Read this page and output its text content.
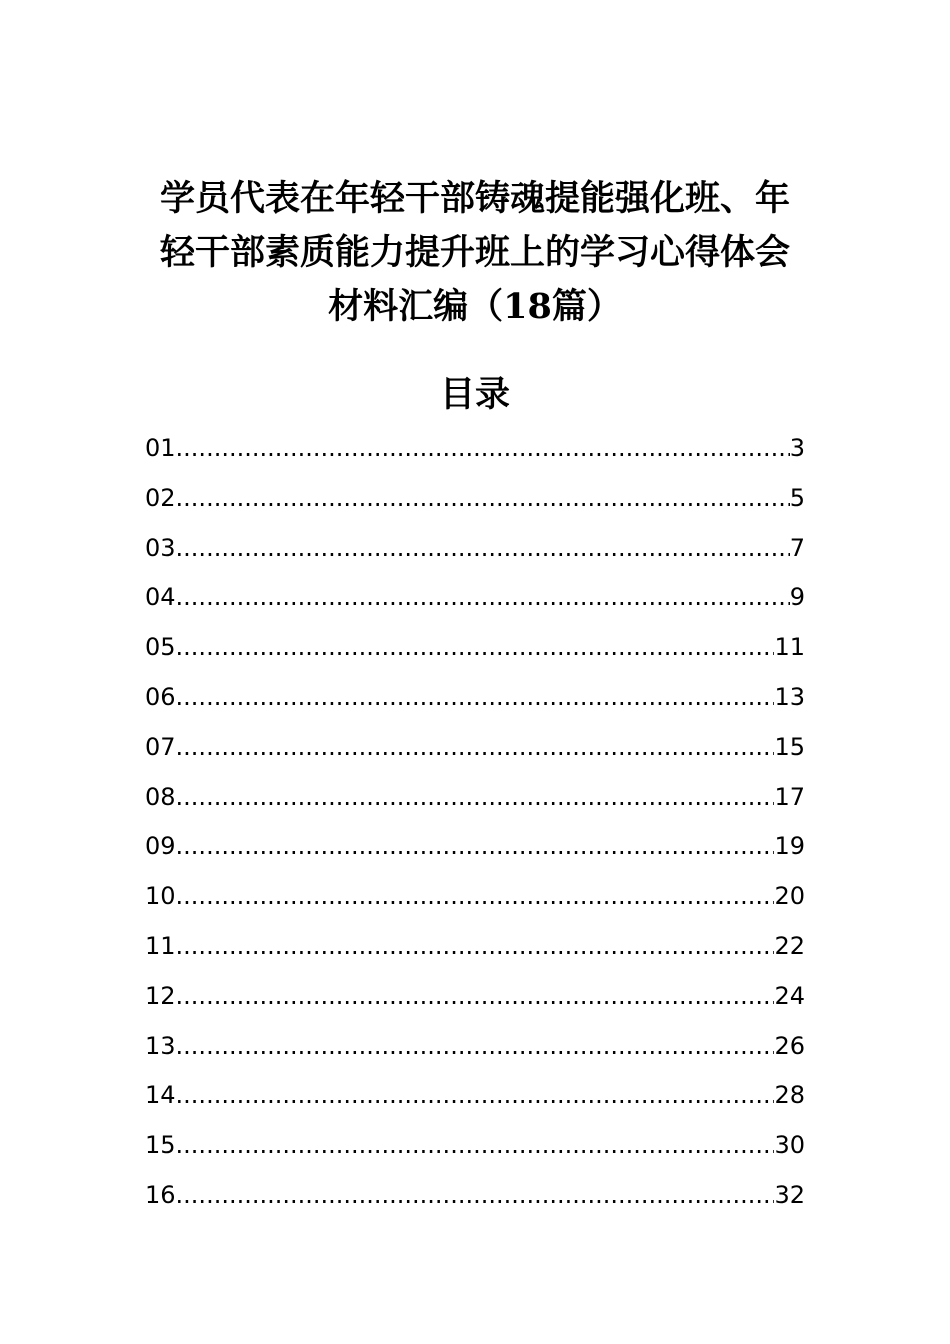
学员代表在年轻干部铸魂提能强化班、年
轻干部素质能力提升班上的学习心得体会
材料汇编（18篇）
目录
01 .....	3
02 .....	5
03 .....	7
04 .....	9
05 .....	11
06 .....	13
07 .....	15
08 .....	17
09 .....	19
10 .....	20
11 .....	22
12 .....	24
13 .....	26
14 .....	28
15 .....	30
16 .....	32
